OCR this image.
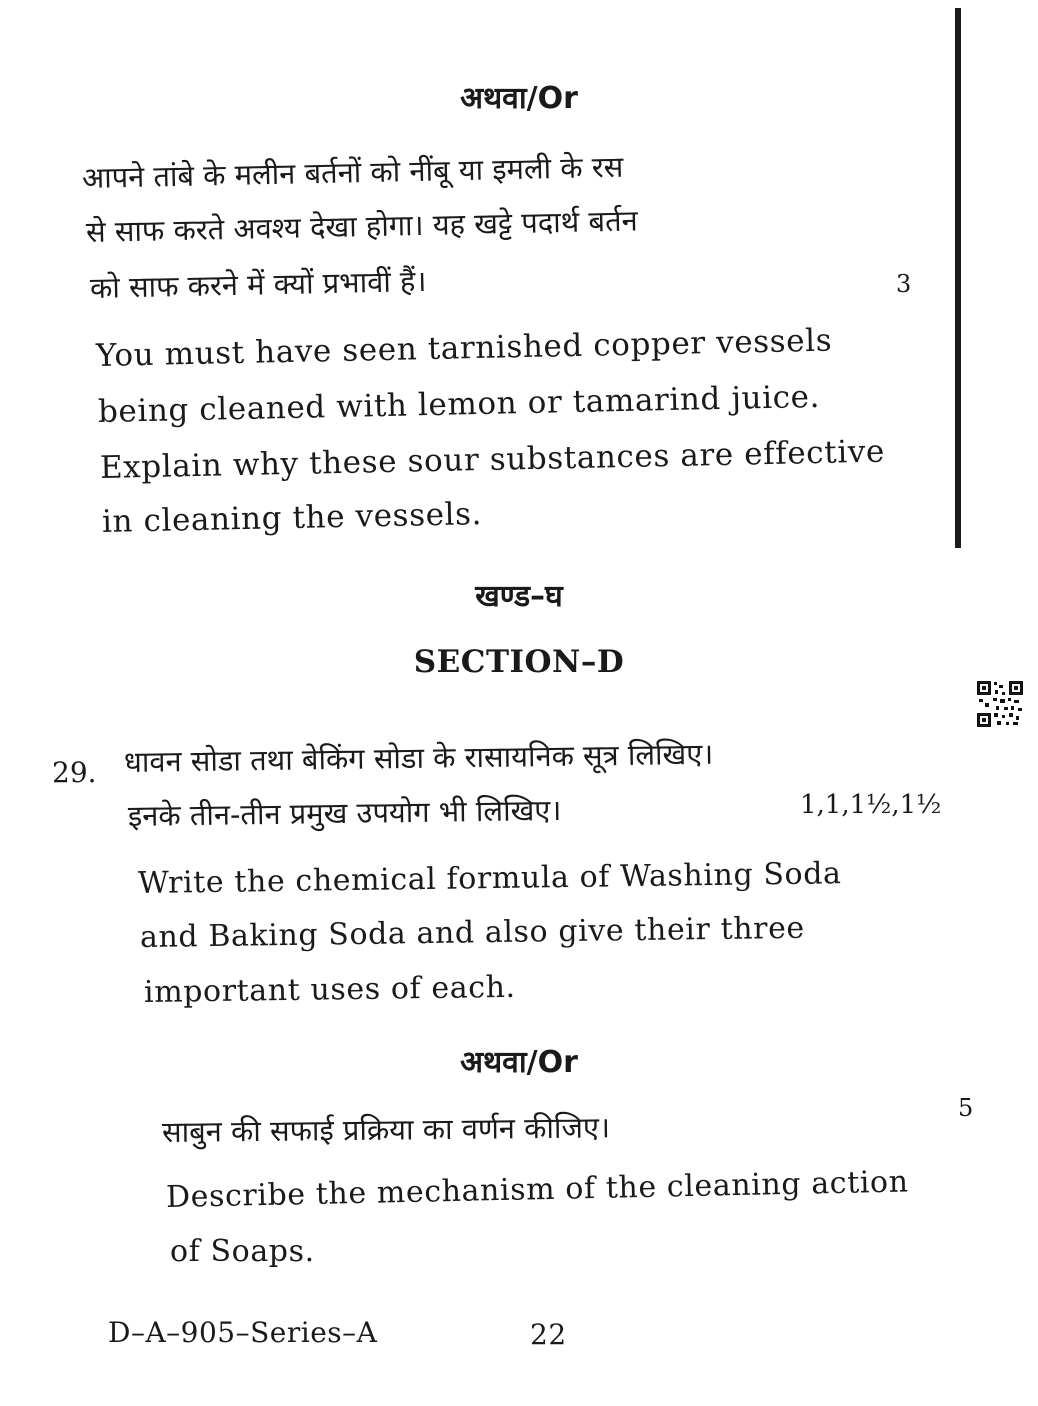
अथवा/Or

आपने तांबे के मलीन बर्तनों को नींबू या इमली के रस

से साफ करते अवश्य देखा होगा। यह खट्टे पदार्थ बर्तन

को साफ करने में क्यों प्रभावीं हैं।	3

You must have seen tarnished copper vessels

being cleaned with lemon or tamarind juice.

Explain why these sour substances are effective

in cleaning the vessels.

खण्ड–घ

SECTION–D

29. धावन सोडा तथा बेकिंग सोडा के रासायनिक सूत्र लिखिए।

इनके तीन-तीन प्रमुख उपयोग भी लिखिए।	1,1,1½,1½

Write the chemical formula of Washing Soda

and Baking Soda and also give their three

important uses of each.

अथवा/Or

साबुन की सफाई प्रक्रिया का वर्णन कीजिए।

5

Describe the mechanism of the cleaning action

of Soaps.

D–A–905–Series–A	22
